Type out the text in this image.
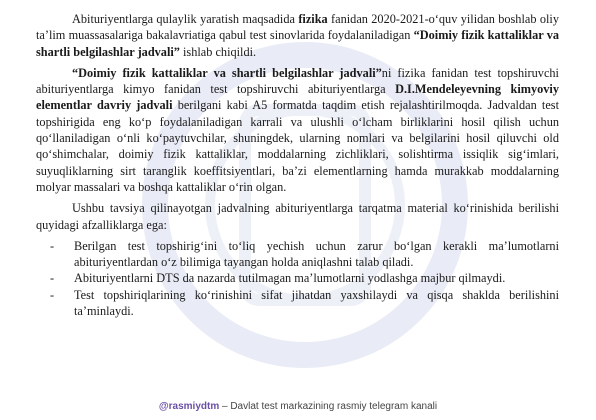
Abituriyentlarga qulaylik yaratish maqsadida fizika fanidan 2020-2021-o‘quv yilidan boshlab oliy ta’lim muassasalariga bakalavriatiga qabul test sinovlarida foydalaniladigan “Doimiy fizik kattaliklar va shartli belgilashlar jadvali” ishlab chiqildi.

“Doimiy fizik kattaliklar va shartli belgilashlar jadvali”ni fizika fanidan test topshiruvchi abituriyentlarga kimyo fanidan test topshiruvchi abituriyentlarga D.I.Mendeleyevning kimyoviy elementlar davriy jadvali berilgani kabi A5 formatda taqdim etish rejalashtirilmoqda. Jadvaldan test topshirigida eng ko‘p foydalaniladigan karrali va ulushli o‘lcham birliklarini hosil qilish uchun qo‘llaniladigan o‘nli ko‘paytuvchilar, shuningdek, ularning nomlari va belgilarini hosil qiluvchi old qo‘shimchalar, doimiy fizik kattaliklar, moddalarning zichliklari, solishtirma issiqlik sig‘imlari, suyuqliklarning sirt taranglik koeffitsiyentlari, ba’zi elementlarning hamda murakkab moddalarning molyar massalari va boshqa kattaliklar o‘rin olgan.

Ushbu tavsiya qilinayotgan jadvalning abituriyentlarga tarqatma material ko‘rinishida berilishi quyidagi afzalliklarga ega:

- Berilgan test topshirig‘ini to‘liq yechish uchun zarur bo‘lgan kerakli ma’lumotlarni abituriyentlardan o‘z bilimiga tayangan holda aniqlashni talab qiladi.
- Abituriyentlarni DTS da nazarda tutilmagan ma’lumotlarni yodlashga majbur qilmaydi.
- Test topshiriqlarining ko‘rinishini sifat jihatdan yaxshilaydi va qisqa shaklda berilishini ta’minlaydi.
@rasmiydtm – Davlat test markazining rasmiy telegram kanali
